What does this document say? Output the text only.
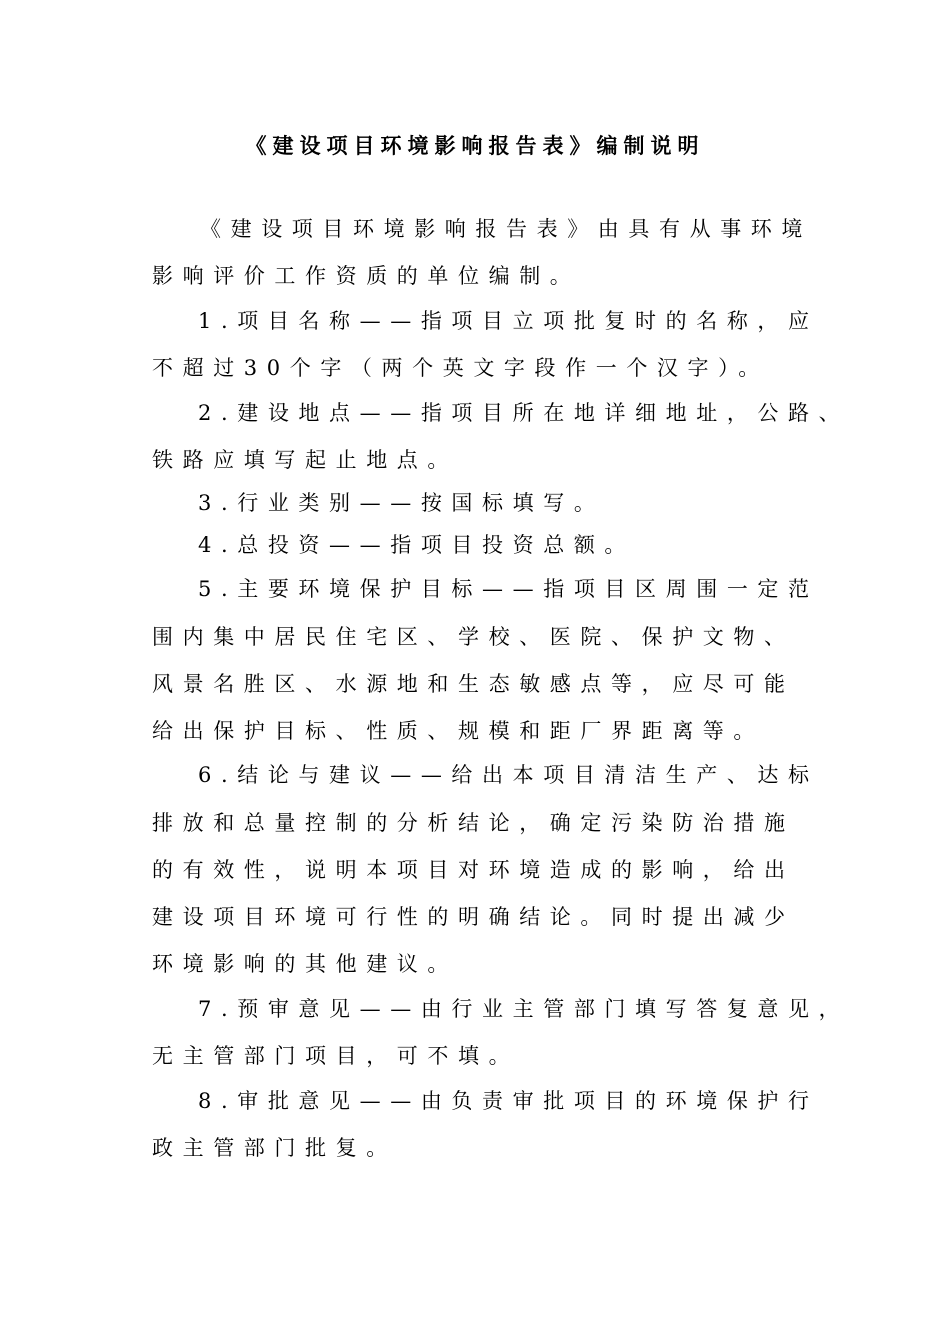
《建设项目环境影响报告表》编制说明
《建设项目环境影响报告表》由具有从事环境
影响评价工作资质的单位编制。
1.项目名称——指项目立项批复时的名称，应
不超过30个字（两个英文字段作一个汉字）。
2.建设地点——指项目所在地详细地址，公路、
铁路应填写起止地点。
3.行业类别——按国标填写。
4.总投资——指项目投资总额。
5.主要环境保护目标——指项目区周围一定范
围内集中居民住宅区、学校、医院、保护文物、
风景名胜区、水源地和生态敏感点等，应尽可能
给出保护目标、性质、规模和距厂界距离等。
6.结论与建议——给出本项目清洁生产、达标
排放和总量控制的分析结论，确定污染防治措施
的有效性，说明本项目对环境造成的影响，给出
建设项目环境可行性的明确结论。同时提出减少
环境影响的其他建议。
7.预审意见——由行业主管部门填写答复意见，
无主管部门项目，可不填。
8.审批意见——由负责审批项目的环境保护行
政主管部门批复。
